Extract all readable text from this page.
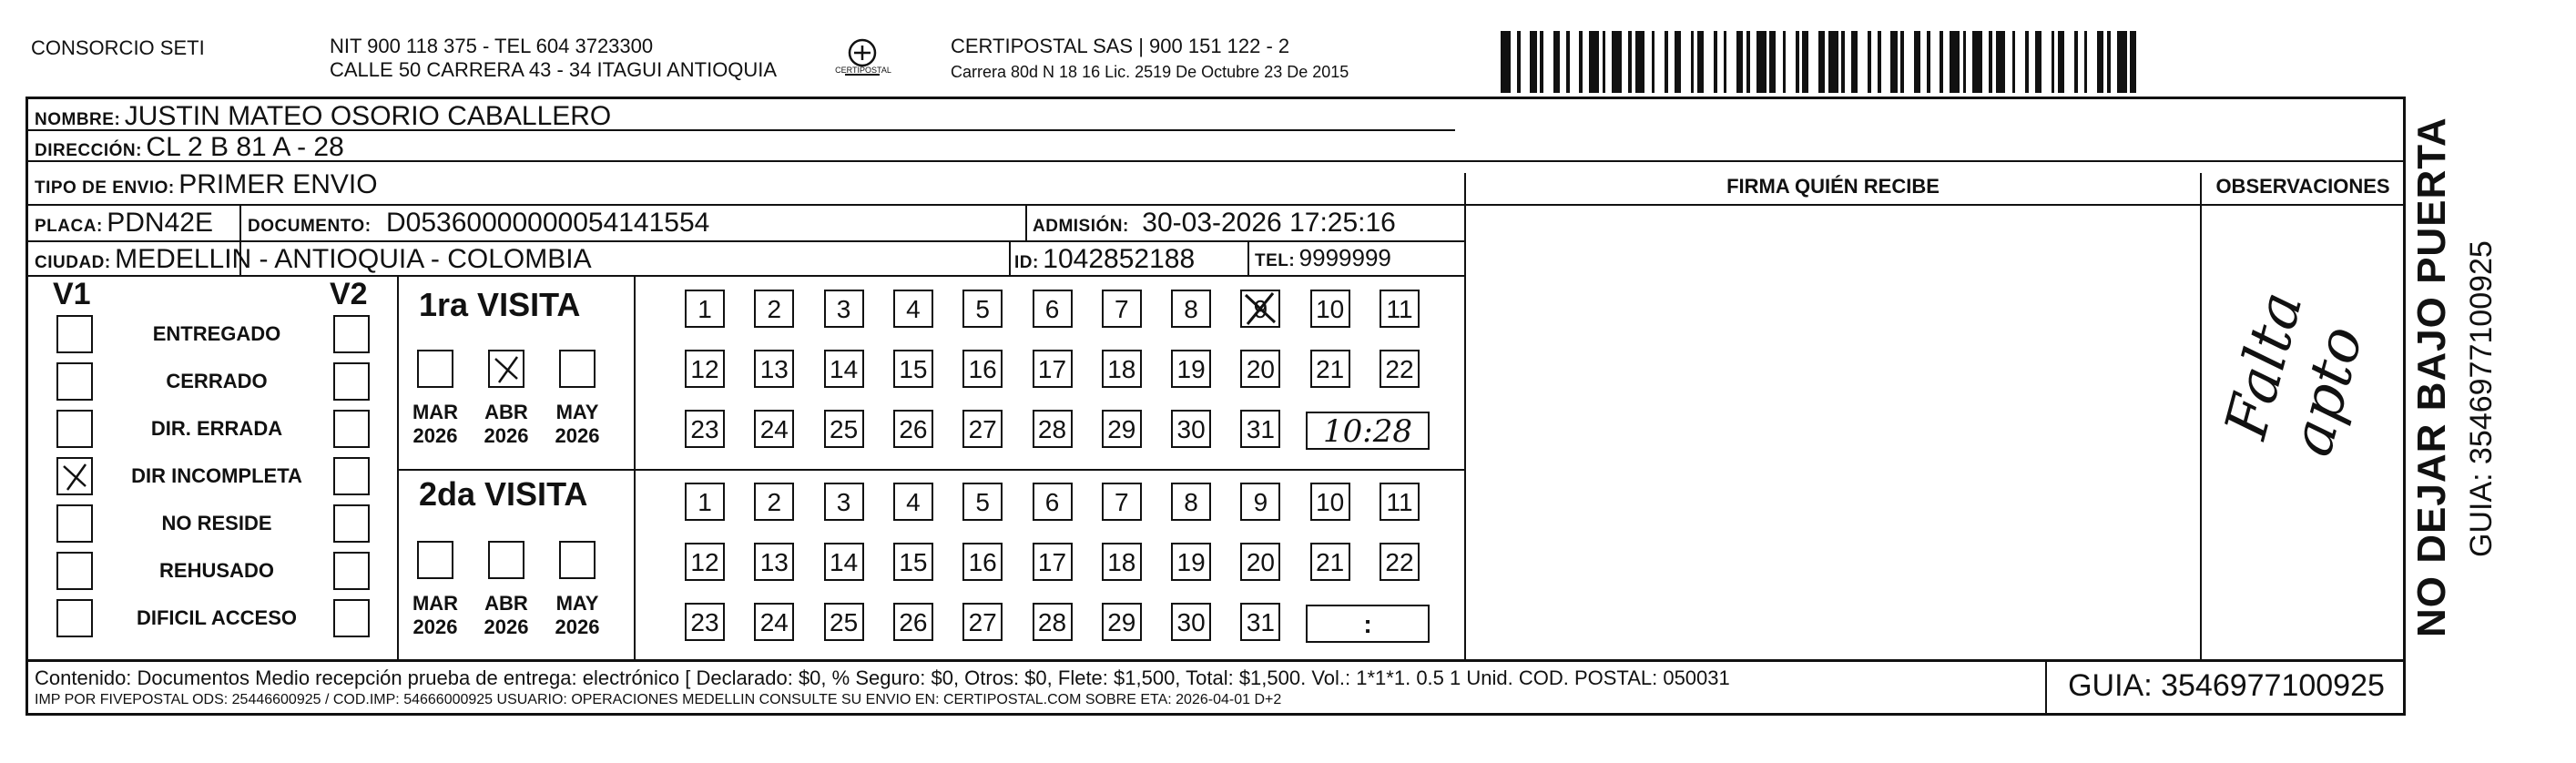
CONSORCIO SETI	NIT 900 118 375 - TEL 604 3723300
CALLE 50 CARRERA 43 - 34 ITAGUI ANTIOQUIA	CERTIPOSTAL
CERTIPOSTAL SAS | 900 151 122 - 2
Carrera 80d N 18 16 Lic. 2519 De Octubre 23 De 2015
NOMBRE: JUSTIN MATEO OSORIO CABALLERO
DIRECCIÓN: CL 2 B 81 A - 28
TIPO DE ENVIO: PRIMER ENVIO
PLACA: PDN42E DOCUMENTO: D05360000000054141554	ADMISIÓN: 30-03-2026 17:25:16
CIUDAD: MEDELLIN - ANTIOQUIA - COLOMBIA	ID: 1042852188	TEL: 9999999
FIRMA QUIÉN RECIBE	OBSERVACIONES
V1	V2 1ra VISITA
2da VISITA
ENTREGADO
CERRADO
DIR. ERRADA
DIR INCOMPLETA
NO RESIDE
REHUSADO
DIFICIL ACCESO
MAR
2026
ABR
2026
MAY
2026
MAR
2026
ABR
2026
MAY
2026
1	2	3	4	5	6	7	8	9	10 11
12 13 14 15 16 17 18 19 20 21 22
23 24 25 26 27 28 29 30 31
1	2	3	4	5	6	7	8	9	10 11
12 13 14 15 16 17 18 19 20 21 22
23 24 25 26 27 28 29 30 31
10:28
:
Falta apto NO DEJAR BAJO PUERTA GUIA: 3546977100925
Contenido: Documentos Medio recepción prueba de entrega: electrónico [ Declarado: $0, % Seguro: $0, Otros: $0, Flete: $1,500, Total: $1,500. Vol.: 1*1*1. 0.5 1 Unid. COD. POSTAL: 050031
IMP POR FIVEPOSTAL ODS: 25446600925 / COD.IMP: 54666000925 USUARIO: OPERACIONES MEDELLIN CONSULTE SU ENVIO EN: CERTIPOSTAL.COM SOBRE ETA: 2026-04-01 D+2	GUIA: 3546977100925
